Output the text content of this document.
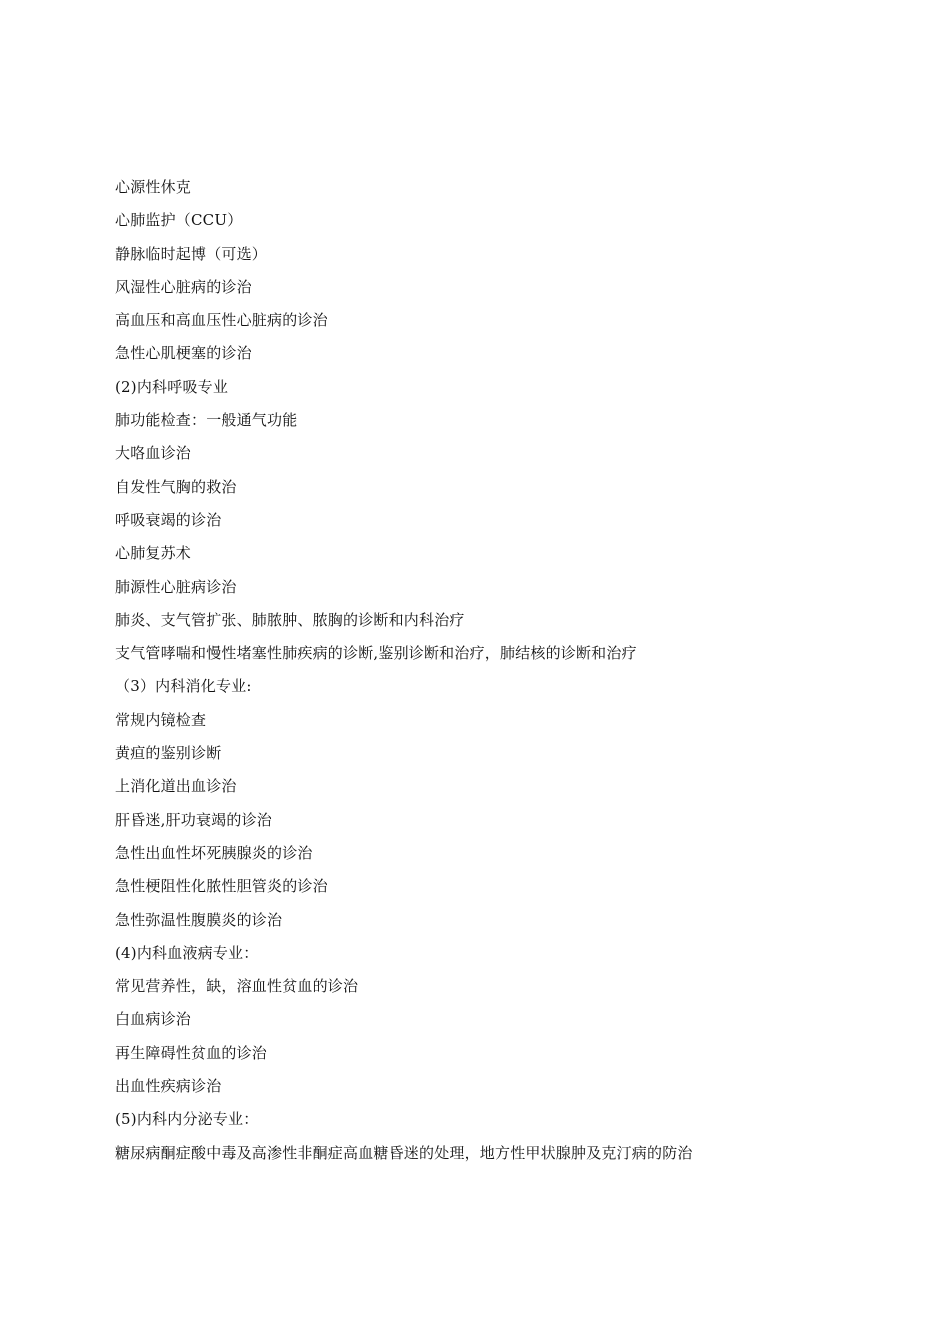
心源性休克
心肺监护（CCU）
静脉临时起博（可选）
风湿性心脏病的诊治
高血压和高血压性心脏病的诊治
急性心肌梗塞的诊治
(2)内科呼吸专业
肺功能检查：一般通气功能
大咯血诊治
自发性气胸的救治
呼吸衰竭的诊治
心肺复苏术
肺源性心脏病诊治
肺炎、支气管扩张、肺脓肿、脓胸的诊断和内科治疗
支气管哮喘和慢性堵塞性肺疾病的诊断,鉴别诊断和治疗，肺结核的诊断和治疗
（3）内科消化专业:
常规内镜检查
黄疸的鉴别诊断
上消化道出血诊治
肝昏迷,肝功衰竭的诊治
急性出血性坏死胰腺炎的诊治
急性梗阻性化脓性胆管炎的诊治
急性弥温性腹膜炎的诊治
(4)内科血液病专业：
常见营养性，缺，溶血性贫血的诊治
白血病诊治
再生障碍性贫血的诊治
出血性疾病诊治
(5)内科内分泌专业：
糖尿病酮症酸中毒及高渗性非酮症高血糖昏迷的处理，地方性甲状腺肿及克汀病的防治
